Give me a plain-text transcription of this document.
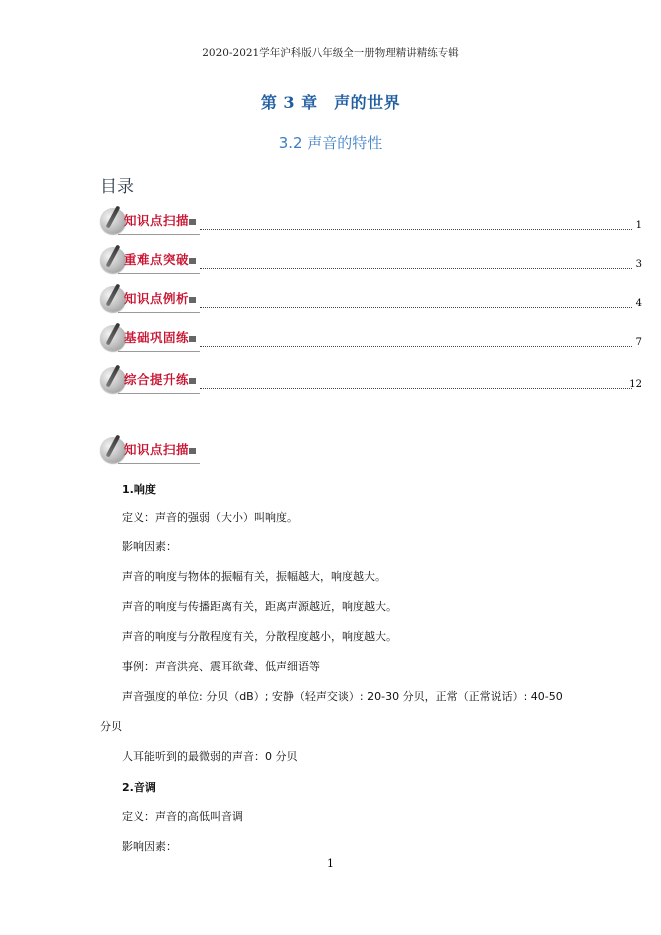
2020-2021学年沪科版八年级全一册物理精讲精练专辑
第 3 章　声的世界
3.2 声音的特性
目录
知识点扫描	1
重难点突破	3
知识点例析	4
基础巩固练	7
综合提升练	12
知识点扫描
1.响度
定义：声音的强弱（大小）叫响度。
影响因素：
声音的响度与物体的振幅有关，振幅越大，响度越大。
声音的响度与传播距离有关，距离声源越近，响度越大。
声音的响度与分散程度有关，分散程度越小，响度越大。
事例：声音洪亮、震耳欲聋、低声细语等
声音强度的单位: 分贝（dB）; 安静（轻声交谈）: 20-30 分贝，正常（正常说话）: 40-50
分贝
人耳能听到的最微弱的声音：0 分贝
2.音调
定义：声音的高低叫音调
影响因素：
1
